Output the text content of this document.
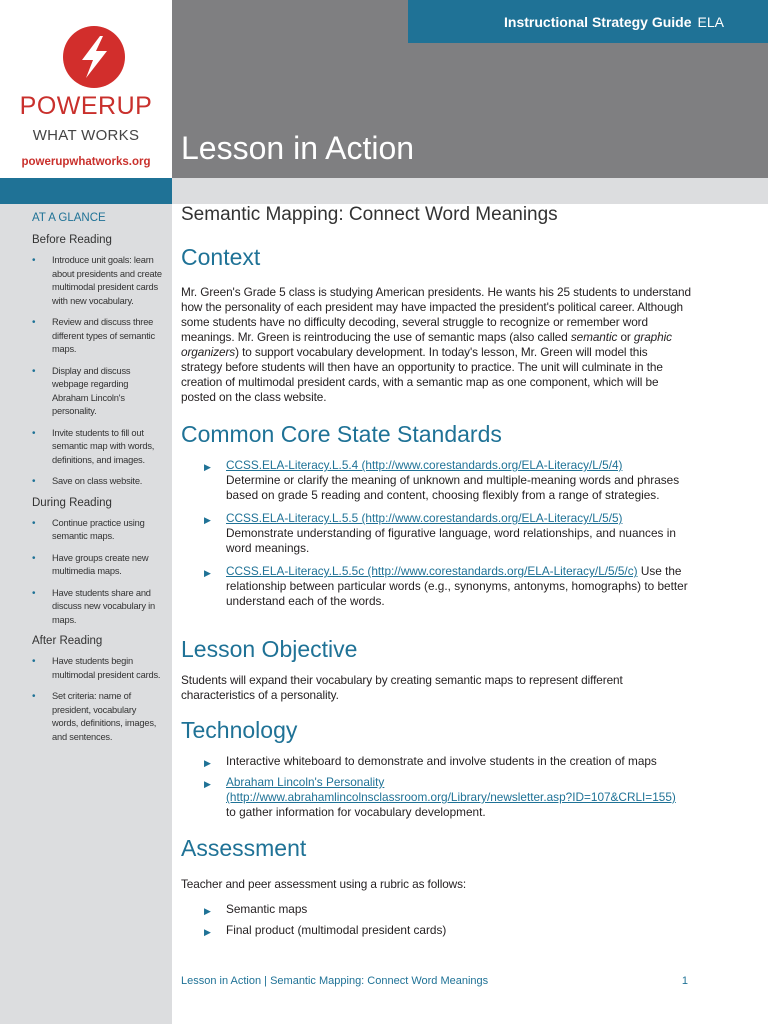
POWERUP
WHAT WORKS
powerupwhatworks.org
AT A GLANCE
Before Reading
• Introduce unit goals: learn about presidents and create multimodal president cards with new vocabulary.
• Review and discuss three different types of semantic maps.
• Display and discuss webpage regarding Abraham Lincoln's personality.
• Invite students to fill out semantic map with words, definitions, and images.
• Save on class website.
During Reading
• Continue practice using semantic maps.
• Have groups create new multimedia maps.
• Have students share and discuss new vocabulary in maps.
After Reading
• Have students begin multimodal president cards.
• Set criteria: name of president, vocabulary words, definitions, images, and sentences.
Instructional Strategy Guide ELA
Lesson in Action
Semantic Mapping: Connect Word Meanings
Context

Mr. Green's Grade 5 class is studying American presidents. He wants his 25 students to understand how the personality of each president may have impacted the president's political career. Although some students have no difficulty decoding, several struggle to recognize or remember word meanings. Mr. Green is reintroducing the use of semantic maps (also called semantic or graphic organizers) to support vocabulary development. In today's lesson, Mr. Green will model this strategy before students will then have an opportunity to practice. The unit will culminate in the creation of multimodal president cards, with a semantic map as one component, which will be posted on the class website.

Common Core State Standards
▶ CCSS.ELA-Literacy.L.5.4 (http://www.corestandards.org/ELA-Literacy/L/5/4)
Determine or clarify the meaning of unknown and multiple-meaning words and phrases based on grade 5 reading and content, choosing flexibly from a range of strategies.
▶ CCSS.ELA-Literacy.L.5.5 (http://www.corestandards.org/ELA-Literacy/L/5/5) Demonstrate understanding of figurative language, word relationships, and nuances in word meanings.
▶ CCSS.ELA-Literacy.L.5.5c (http://www.corestandards.org/ELA-Literacy/L/5/5/c) Use the relationship between particular words (e.g., synonyms, antonyms, homographs) to better understand each of the words.
Lesson Objective

Students will expand their vocabulary by creating semantic maps to represent different characteristics of a personality.

Technology
▶ Interactive whiteboard to demonstrate and involve students in the creation of maps
▶ Abraham Lincoln's Personality (http://www.abrahamlincolnsclassroom.org/Library/newsletter.asp?ID=107&CRLI=155)
to gather information for vocabulary development.
Assessment

Teacher and peer assessment using a rubric as follows:

▶ Semantic maps
▶ Final product (multimodal president cards)
Lesson in Action | Semantic Mapping: Connect Word Meanings	1
